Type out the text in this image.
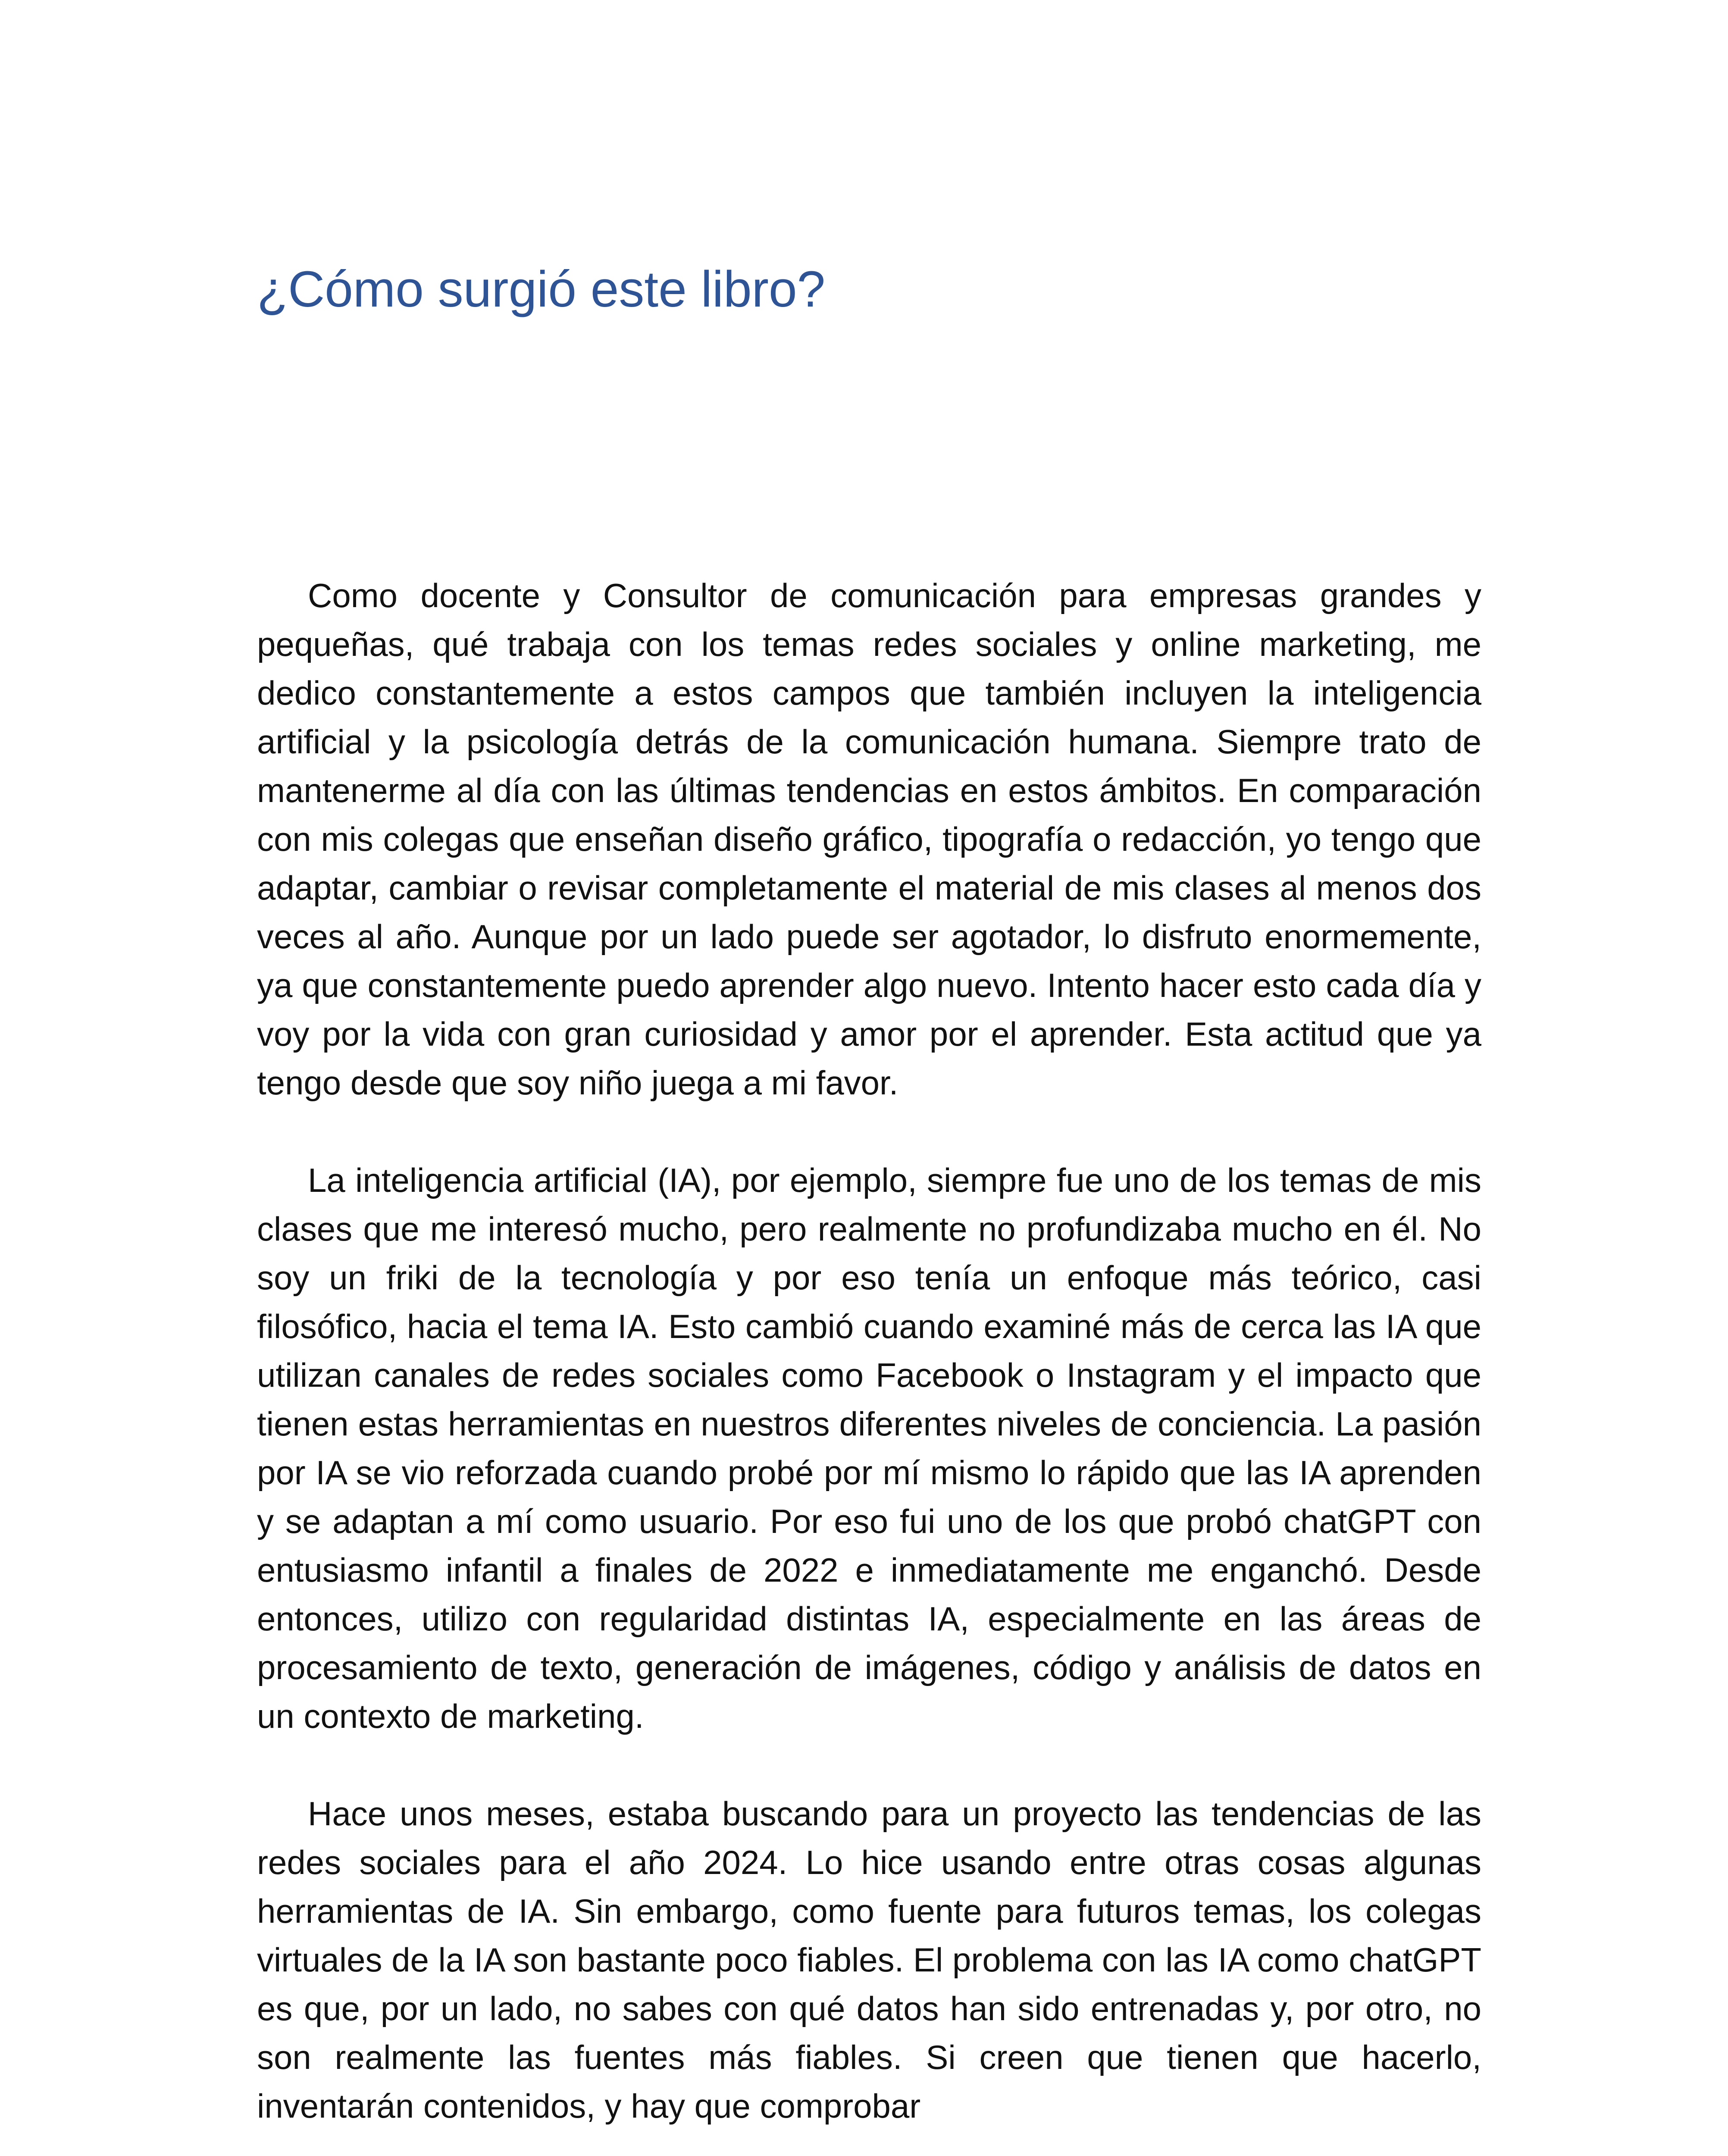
¿Cómo surgió este libro?

Como docente y Consultor de comunicación para empresas grandes y pequeñas, qué trabaja con los temas redes sociales y online marketing, me dedico constantemente a estos campos que también incluyen la inteligencia artificial y la psicología detrás de la comunicación humana. Siempre trato de mantenerme al día con las últimas tendencias en estos ámbitos. En comparación con mis colegas que enseñan diseño gráfico, tipografía o redacción, yo tengo que adaptar, cambiar o revisar completamente el material de mis clases al menos dos veces al año. Aunque por un lado puede ser agotador, lo disfruto enormemente, ya que constantemente puedo aprender algo nuevo. Intento hacer esto cada día y voy por la vida con gran curiosidad y amor por el aprender. Esta actitud que ya tengo desde que soy niño juega a mi favor.

La inteligencia artificial (IA), por ejemplo, siempre fue uno de los temas de mis clases que me interesó mucho, pero realmente no profundizaba mucho en él. No soy un friki de la tecnología y por eso tenía un enfoque más teórico, casi filosófico, hacia el tema IA. Esto cambió cuando examiné más de cerca las IA que utilizan canales de redes sociales como Facebook o Instagram y el impacto que tienen estas herramientas en nuestros diferentes niveles de conciencia. La pasión por IA se vio reforzada cuando probé por mí mismo lo rápido que las IA aprenden y se adaptan a mí como usuario. Por eso fui uno de los que probó chatGPT con entusiasmo infantil a finales de 2022 e inmediatamente me enganchó. Desde entonces, utilizo con regularidad distintas IA, especialmente en las áreas de procesamiento de texto, generación de imágenes, código y análisis de datos en un contexto de marketing.

Hace unos meses, estaba buscando para un proyecto las tendencias de las redes sociales para el año 2024. Lo hice usando entre otras cosas algunas herramientas de IA. Sin embargo, como fuente para futuros temas, los colegas virtuales de la IA son bastante poco fiables. El problema con las IA como chatGPT es que, por un lado, no sabes con qué datos han sido entrenadas y, por otro, no son realmente las fuentes más fiables. Si creen que tienen que hacerlo, inventarán contenidos, y hay que comprobar
